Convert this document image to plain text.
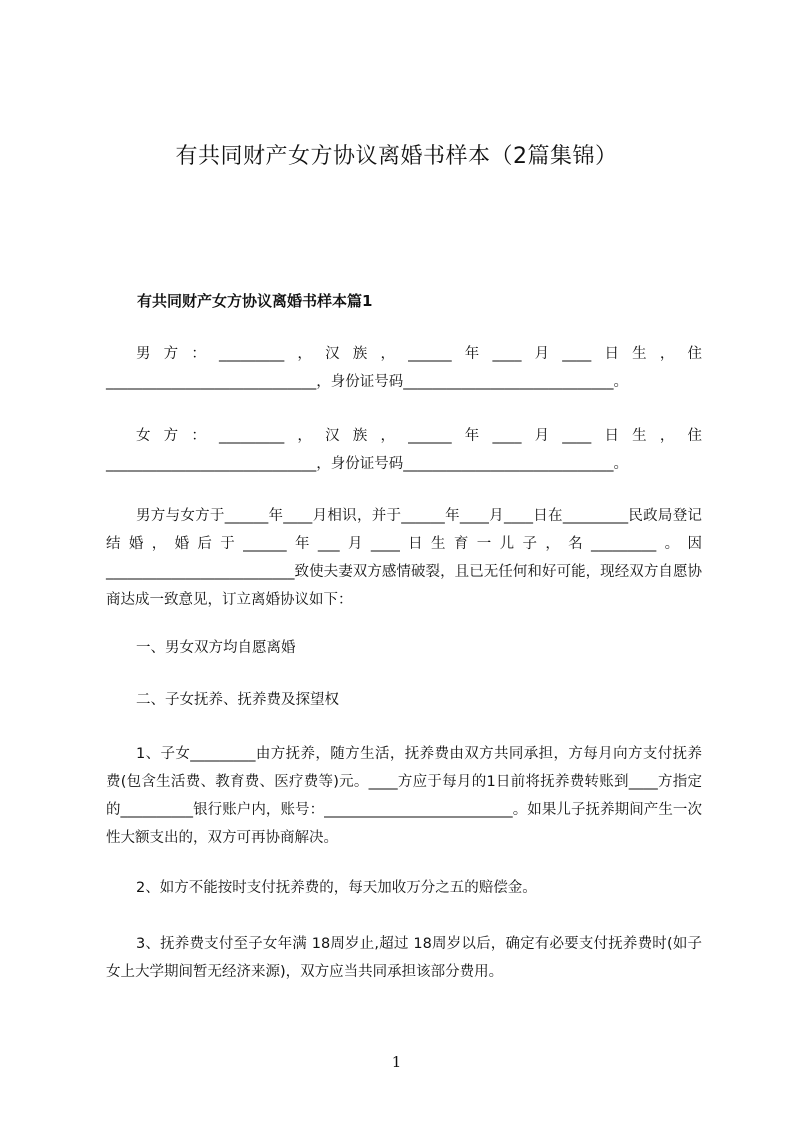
有共同财产女方协议离婚书样本（2篇集锦）
有共同财产女方协议离婚书样本篇1

男方：_________，汉族，______年____月____日生，住_____________________________，身份证号码_____________________________。

女方：_________，汉族，______年____月____日生，住_____________________________，身份证号码_____________________________。

男方与女方于______年____月相识，并于______年____月____日在_________民政局登记结婚，婚后于______年___月____日生育一儿子，名_________。因__________________________致使夫妻双方感情破裂，且已无任何和好可能，现经双方自愿协商达成一致意见，订立离婚协议如下：

一、男女双方均自愿离婚

二、子女抚养、抚养费及探望权

1、子女_________由方抚养，随方生活，抚养费由双方共同承担，方每月向方支付抚养费(包含生活费、教育费、医疗费等)元。____方应于每月的1日前将抚养费转账到____方指定的__________银行账户内，账号：__________________________。如果儿子抚养期间产生一次性大额支出的，双方可再协商解决。

2、如方不能按时支付抚养费的，每天加收万分之五的赔偿金。

3、抚养费支付至子女年满 18周岁止,超过 18周岁以后，确定有必要支付抚养费时(如子女上大学期间暂无经济来源)，双方应当共同承担该部分费用。

1
